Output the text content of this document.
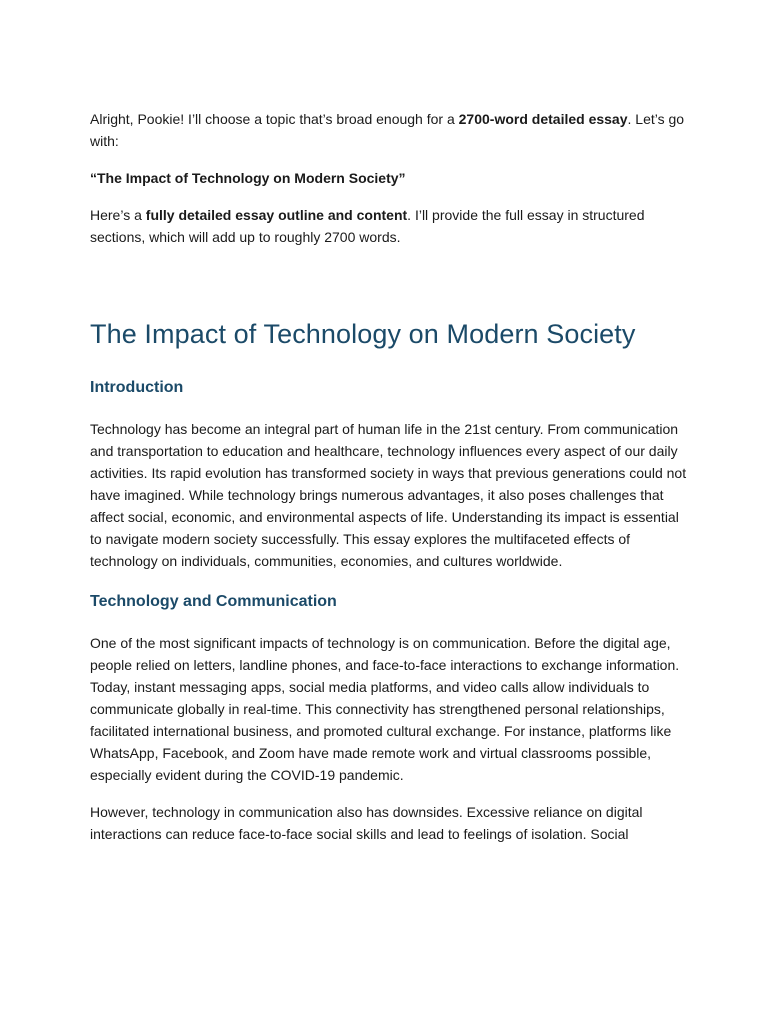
Alright, Pookie! I’ll choose a topic that’s broad enough for a 2700-word detailed essay. Let’s go with:

“The Impact of Technology on Modern Society”

Here’s a fully detailed essay outline and content. I’ll provide the full essay in structured sections, which will add up to roughly 2700 words.

The Impact of Technology on Modern Society
Introduction

Technology has become an integral part of human life in the 21st century. From communication and transportation to education and healthcare, technology influences every aspect of our daily activities. Its rapid evolution has transformed society in ways that previous generations could not have imagined. While technology brings numerous advantages, it also poses challenges that affect social, economic, and environmental aspects of life. Understanding its impact is essential to navigate modern society successfully. This essay explores the multifaceted effects of technology on individuals, communities, economies, and cultures worldwide.

Technology and Communication

One of the most significant impacts of technology is on communication. Before the digital age, people relied on letters, landline phones, and face-to-face interactions to exchange information. Today, instant messaging apps, social media platforms, and video calls allow individuals to communicate globally in real-time. This connectivity has strengthened personal relationships, facilitated international business, and promoted cultural exchange. For instance, platforms like WhatsApp, Facebook, and Zoom have made remote work and virtual classrooms possible, especially evident during the COVID-19 pandemic.

However, technology in communication also has downsides. Excessive reliance on digital interactions can reduce face-to-face social skills and lead to feelings of isolation. Social
